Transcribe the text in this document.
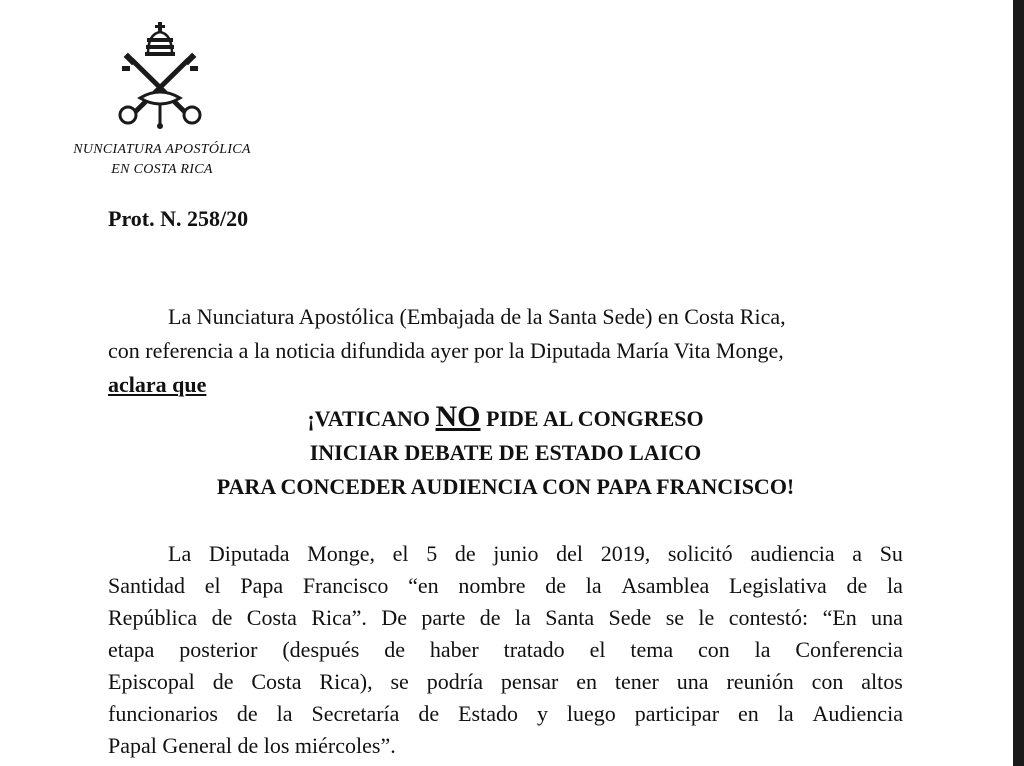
NUNCIATURA APOSTÓLICA
EN COSTA RICA
Prot. N. 258/20
La Nunciatura Apostólica (Embajada de la Santa Sede) en Costa Rica,
con referencia a la noticia difundida ayer por la Diputada María Vita Monge,
aclara que
¡VATICANO NO PIDE AL CONGRESO
INICIAR DEBATE DE ESTADO LAICO
PARA CONCEDER AUDIENCIA CON PAPA FRANCISCO!
La Diputada Monge, el 5 de junio del 2019, solicitó audiencia a Su
Santidad el Papa Francisco “en nombre de la Asamblea Legislativa de la
República de Costa Rica”. De parte de la Santa Sede se le contestó: “En una
etapa posterior (después de haber tratado el tema con la Conferencia
Episcopal de Costa Rica), se podría pensar en tener una reunión con altos
funcionarios de la Secretaría de Estado y luego participar en la Audiencia
Papal General de los miércoles”.
